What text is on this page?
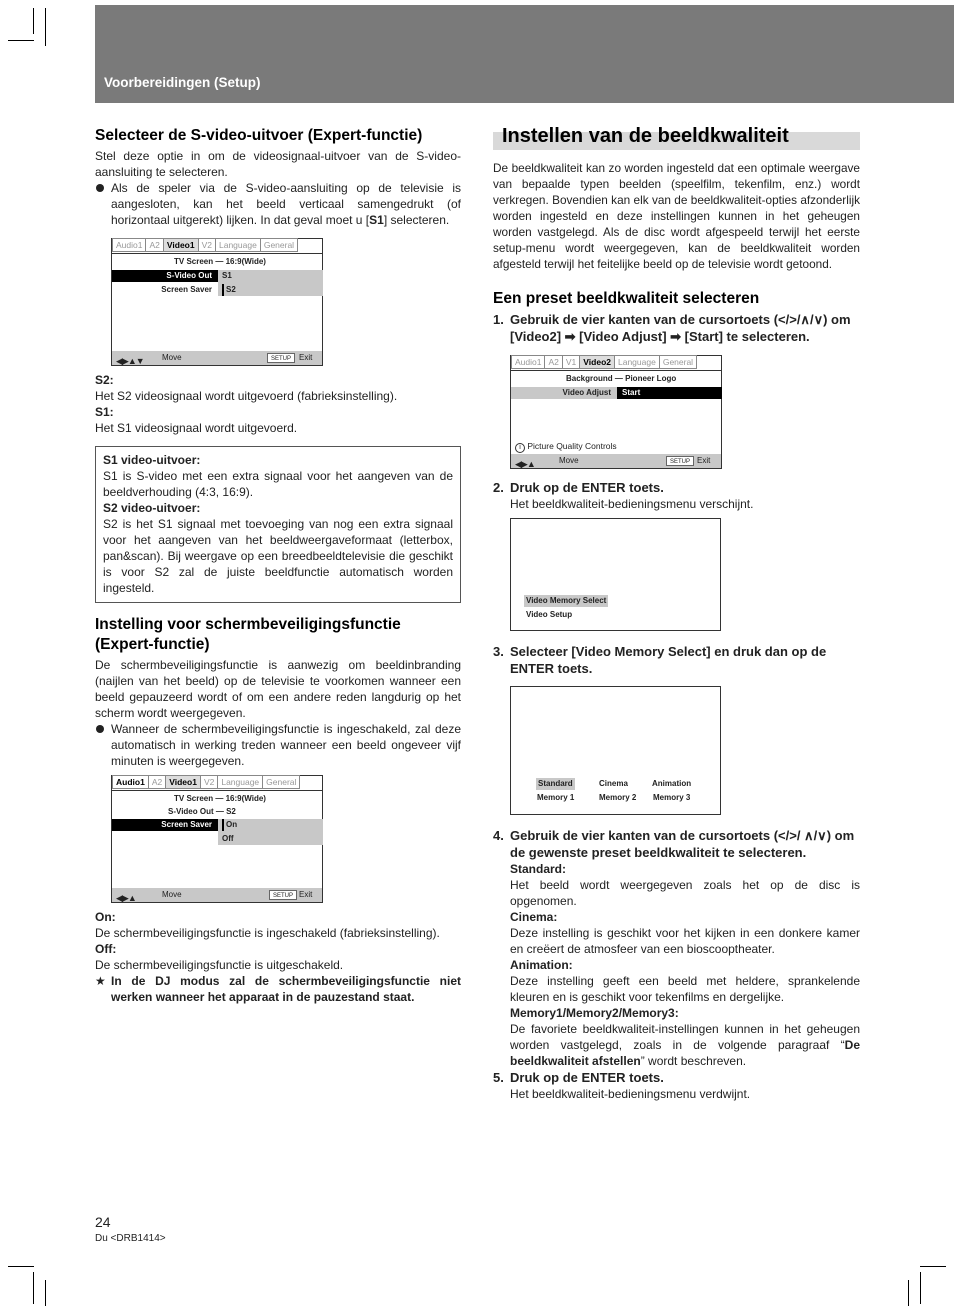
Voorbereidingen (Setup)
Selecteer de S-video-uitvoer (Expert-functie)

Stel deze optie in om de videosignaal-uitvoer van de S-video-aansluiting te selecteren.

Als de speler via de S-video-aansluiting op de televisie is aangesloten, kan het beeld verticaal samengedrukt (of horizontaal uitgerekt) lijken. In dat geval moet u [S1] selecteren.
Audio1 A2 Video1 V2 Language General
TV Screen — 16:9(Wide)
S-Video Out
Screen Saver
S1
S2
◀▶▲▼ Move	SETUP Exit
S2:

Het S2 videosignaal wordt uitgevoerd (fabrieksinstelling).

S1:

Het S1 videosignaal wordt uitgevoerd.

S1 video-uitvoer:

S1 is S-video met een extra signaal voor het aangeven van de beeldverhouding (4:3, 16:9).

S2 video-uitvoer:

S2 is het S1 signaal met toevoeging van nog een extra signaal voor het aangeven van het beeldweergaveformaat (letterbox, pan&scan). Bij weergave op een breedbeeldtelevisie die geschikt is voor S2 zal de juiste beeldfunctie automatisch worden ingesteld.

Instelling voor schermbeveiligingsfunctie (Expert-functie)

De schermbeveiligingsfunctie is aanwezig om beeldinbranding (naijlen van het beeld) op de televisie te voorkomen wanneer een beeld gepauzeerd wordt of om een andere reden langdurig op het scherm wordt weergegeven.

Wanneer de schermbeveiligingsfunctie is ingeschakeld, zal deze automatisch in werking treden wanneer een beeld ongeveer vijf minuten is weergegeven.
Audio1 A2 Video1 V2 Language General
TV Screen — 16:9(Wide)
S-Video Out — S2
Screen Saver	On
Off
◀▶▲	Move	SETUP Exit
On:

De schermbeveiligingsfunctie is ingeschakeld (fabrieksinstelling).

Off:

De schermbeveiligingsfunctie is uitgeschakeld.

★ In de DJ modus zal de schermbeveiligingsfunctie niet werken wanneer het apparaat in de pauzestand staat.
Instellen van de beeldkwaliteit

De beeldkwaliteit kan zo worden ingesteld dat een optimale weergave van bepaalde typen beelden (speelfilm, tekenfilm, enz.) wordt verkregen. Bovendien kan elk van de beeldkwaliteit-opties afzonderlijk worden ingesteld en deze instellingen kunnen in het geheugen worden vastgelegd. Als de disc wordt afgespeeld terwijl het eerste setup-menu wordt weergegeven, kan de beeldkwaliteit worden afgesteld terwijl het feitelijke beeld op de televisie wordt getoond.

Een preset beeldkwaliteit selecteren
1. Gebruik de vier kanten van de cursortoets (</>/∧/∨) om [Video2] ➡ [Video Adjust] ➡ [Start] te selecteren.
Audio1 A2 V1 Video2 Language General
Background — Pioneer Logo
Video Adjust	Start
i Picture Quality Controls
◀▶▲	Move	SETUP Exit
2. Druk op de ENTER toets.
Het beeldkwaliteit-bedieningsmenu verschijnt.
Video Memory Select
Video Setup
3. Selecteer [Video Memory Select] en druk dan op de ENTER toets.
Standard	Cinema	Animation
Memory 1	Memory 2 Memory 3
4. Gebruik de vier kanten van de cursortoets (</>/ ∧/∨) om de gewenste preset beeldkwaliteit te selecteren.
Standard:
Het beeld wordt weergegeven zoals het op de disc is opgenomen.
Cinema:
Deze instelling is geschikt voor het kijken in een donkere kamer en creëert de atmosfeer van een bioscooptheater.
Animation:
Deze instelling geeft een beeld met heldere, sprankelende kleuren en is geschikt voor tekenfilms en dergelijke.
Memory1/Memory2/Memory3:
De favoriete beeldkwaliteit-instellingen kunnen in het geheugen worden vastgelegd, zoals in de volgende paragraaf “De beeldkwaliteit afstellen” wordt beschreven.
5. Druk op de ENTER toets.
Het beeldkwaliteit-bedieningsmenu verdwijnt.
24
Du <DRB1414>
